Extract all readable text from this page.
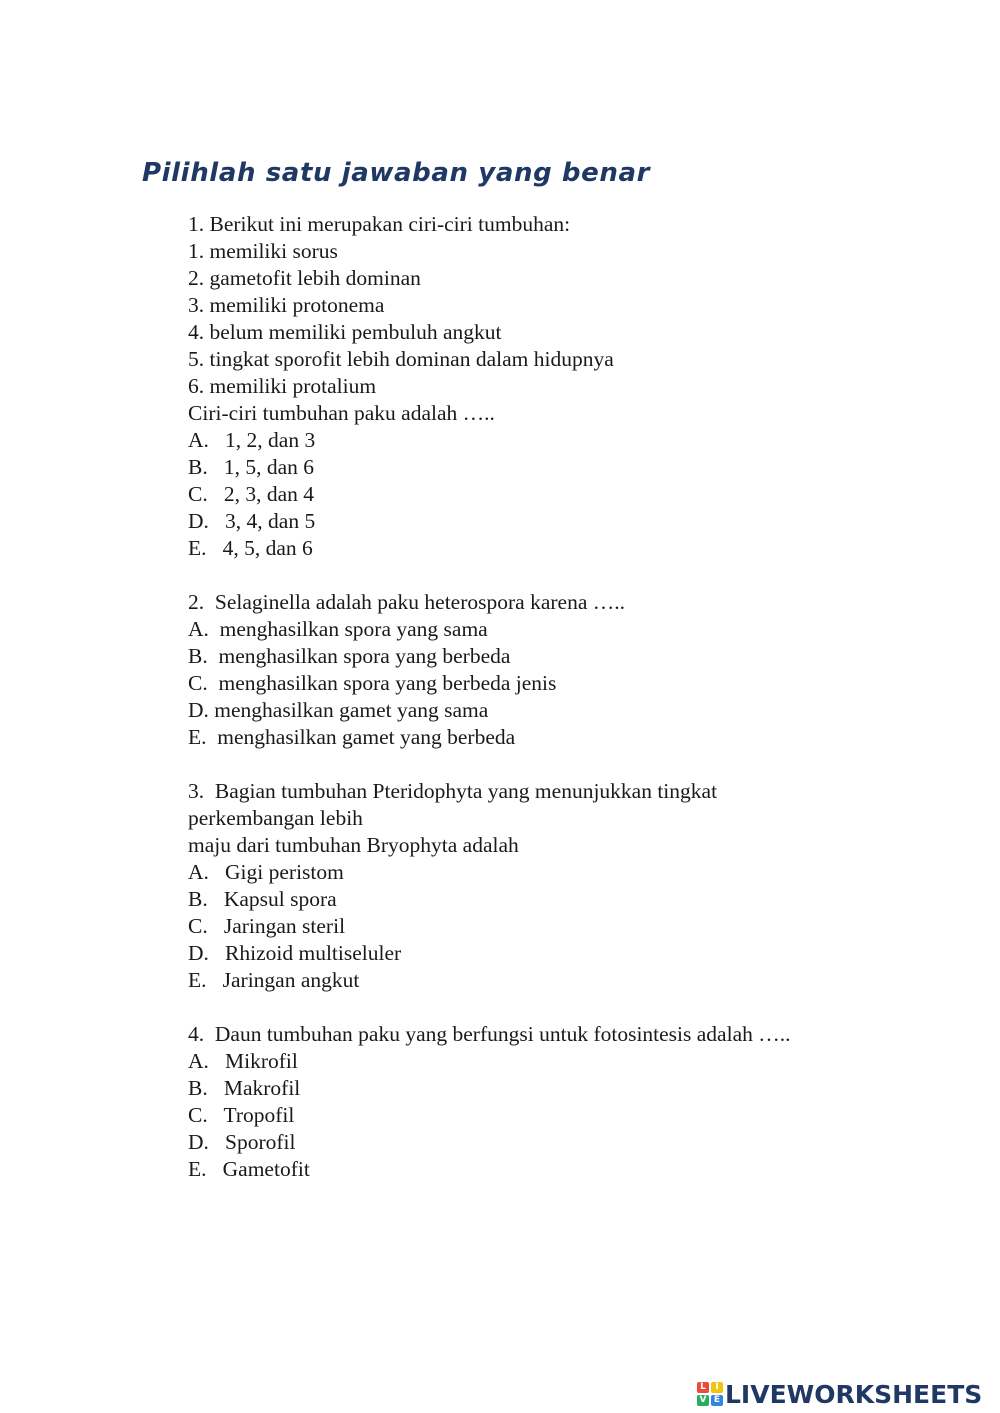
Pilihlah satu jawaban yang benar
1. Berikut ini merupakan ciri-ciri tumbuhan:
1. memiliki sorus
2. gametofit lebih dominan
3. memiliki protonema
4. belum memiliki pembuluh angkut
5. tingkat sporofit lebih dominan dalam hidupnya
6. memiliki protalium
Ciri-ciri tumbuhan paku adalah …..
A.   1, 2, dan 3
B.   1, 5, dan 6
C.   2, 3, dan 4
D.   3, 4, dan 5
E.   4, 5, dan 6
2.  Selaginella adalah paku heterospora karena …..
A.  menghasilkan spora yang sama
B.  menghasilkan spora yang berbeda
C.  menghasilkan spora yang berbeda jenis
D. menghasilkan gamet yang sama
E.  menghasilkan gamet yang berbeda
3.  Bagian tumbuhan Pteridophyta yang menunjukkan tingkat
perkembangan lebih
maju dari tumbuhan Bryophyta adalah
A.   Gigi peristom
B.   Kapsul spora
C.   Jaringan steril
D.   Rhizoid multiseluler
E.   Jaringan angkut
4.  Daun tumbuhan paku yang berfungsi untuk fotosintesis adalah …..
A.   Mikrofil
B.   Makrofil
C.   Tropofil
D.   Sporofil
E.   Gametofit
L	I
V E LIVEWORKSHEETS
